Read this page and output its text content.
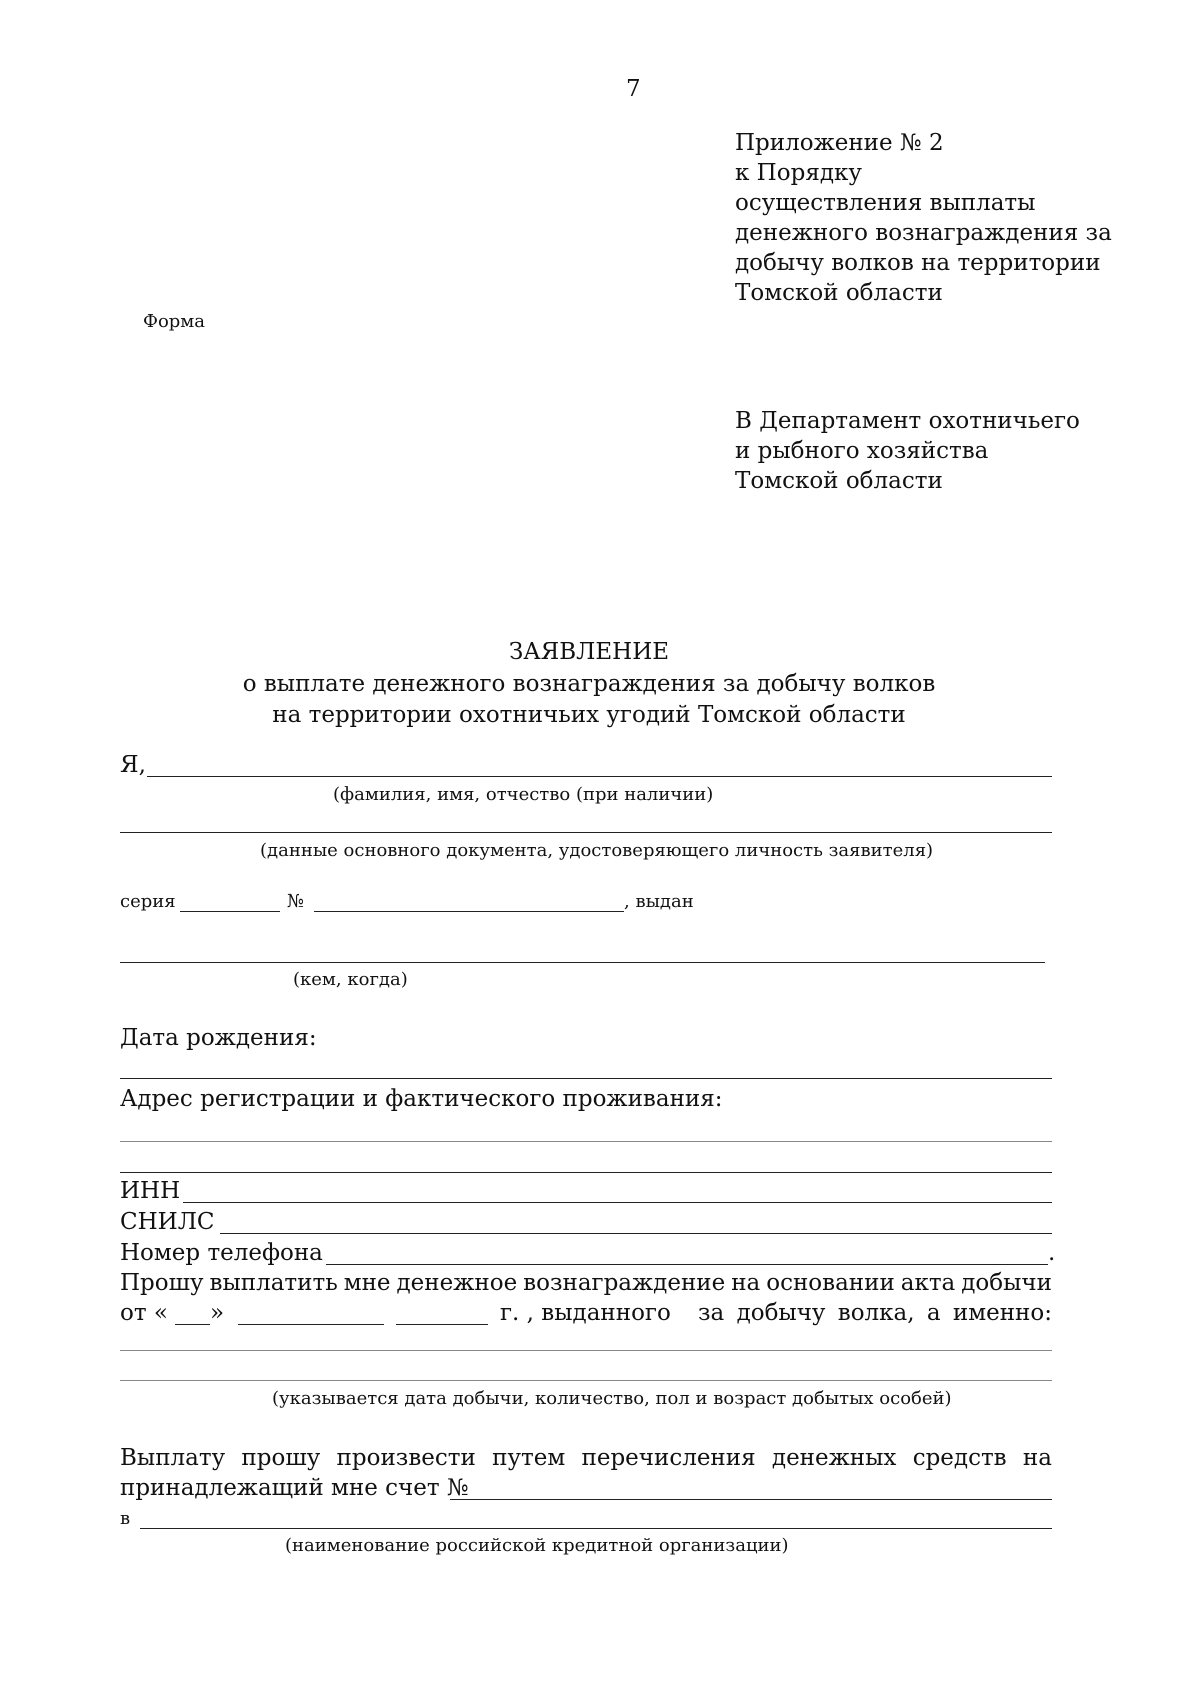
7
Приложение № 2
к Порядку
осуществления выплаты
денежного вознаграждения за
добычу волков на территории
Томской области
Форма
В Департамент охотничьего
и рыбного хозяйства
Томской области
ЗАЯВЛЕНИЕ
о выплате денежного вознаграждения за добычу волков
на территории охотничьих угодий Томской области
Я,
(фамилия, имя, отчество (при наличии)
(данные основного документа, удостоверяющего личность заявителя)
серия	№	, выдан
(кем, когда)
Дата рождения:
Адрес регистрации и фактического проживания:
ИНН
СНИЛС
Номер телефона	.
Прошу выплатить мне денежное вознаграждение на основании акта добычи
от « »	г. , выданного за добычу волка, а именно:
(указывается дата добычи, количество, пол и возраст добытых особей)
Выплату прошу произвести путем перечисления денежных средств на
принадлежащий мне счет №
в
(наименование российской кредитной организации)
